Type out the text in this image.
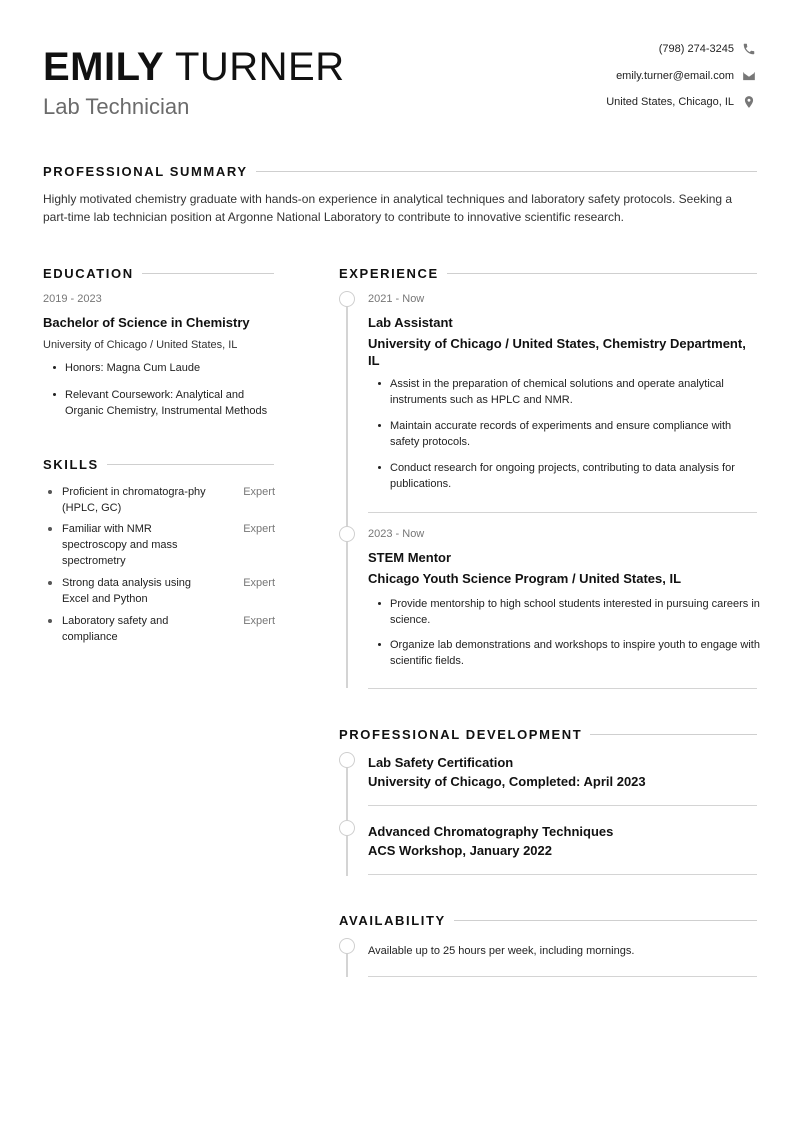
EMILY TURNER
Lab Technician
(798) 274-3245
emily.turner@email.com
United States, Chicago, IL
PROFESSIONAL SUMMARY
Highly motivated chemistry graduate with hands-on experience in analytical techniques and laboratory safety protocols. Seeking a part-time lab technician position at Argonne National Laboratory to contribute to innovative scientific research.
EDUCATION
2019 - 2023
Bachelor of Science in Chemistry
University of Chicago / United States, IL
Honors: Magna Cum Laude
Relevant Coursework: Analytical and Organic Chemistry, Instrumental Methods
SKILLS
Proficient in chromatogra-phy (HPLC, GC)
Expert
Familiar with NMR spectroscopy and mass spectrometry
Expert
Strong data analysis using Excel and Python
Expert
Laboratory safety and compliance
Expert
EXPERIENCE
2021 - Now
Lab Assistant
University of Chicago / United States, Chemistry Department, IL
Assist in the preparation of chemical solutions and operate analytical instruments such as HPLC and NMR.
Maintain accurate records of experiments and ensure compliance with safety protocols.
Conduct research for ongoing projects, contributing to data analysis for publications.
2023 - Now
STEM Mentor
Chicago Youth Science Program / United States, IL
Provide mentorship to high school students interested in pursuing careers in science.
Organize lab demonstrations and workshops to inspire youth to engage with scientific fields.
PROFESSIONAL DEVELOPMENT
Lab Safety Certification
University of Chicago, Completed: April 2023
Advanced Chromatography Techniques
ACS Workshop, January 2022
AVAILABILITY
Available up to 25 hours per week, including mornings.
